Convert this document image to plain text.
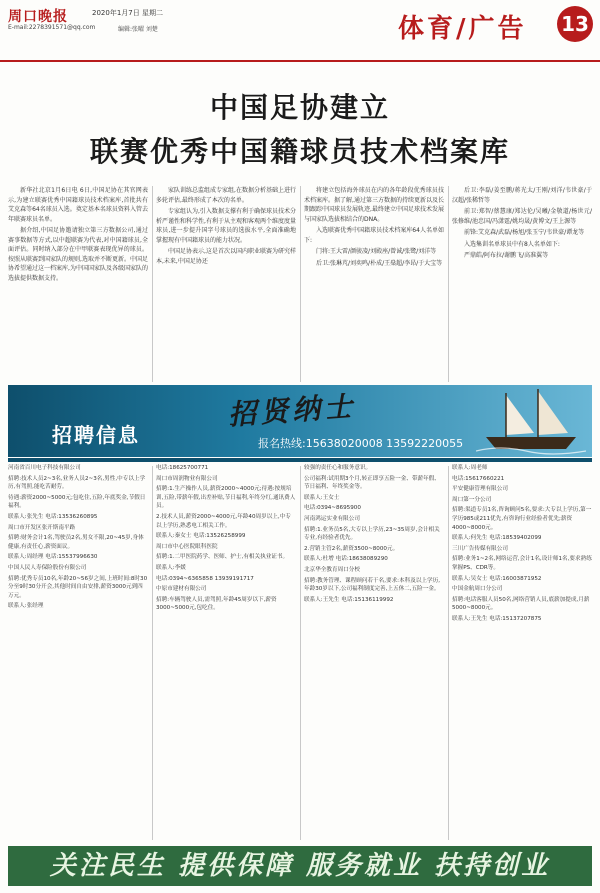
周口晚报	2020年1月7日 星期二
E-mail:2278391571@qq.com	编辑:张曜 刘楚	体育/广告 13
中国足协建立
联赛优秀中国籍球员技术档案库

新华社北京1月6日电 6日,中国足协在其官网表示,为建立联赛优秀中国籍球员技术档案库,首批共有艾克森等64名球员入选。奠定基本名球员资料入管去年联赛球员名单。

据介绍,中国足协邀请独立第三方数据公司,通过赛事数据等方式,以中超联赛为代表,对中国籍球员,全面评估。同时纳入部分在中甲联赛表现优异的球员。按照从联赛到国家队的规则,选取并不断更新。中国足协希望通过这一档案库,为中国国家队及各级国家队的选拔提供数据支持。

家队训练总监组成专家组,在数据分析基础上进行多轮评估,最终形成了本次的名单。

专家组认为,引入数据支撑有利于确保球员技术分析严谨性和科学性,有利于从主观和客观两个维度度量球员,进一步提升国字号球员的选拔水平,全面准确地掌握现有中国籍球员的能力状况。

中国足协表示,这是首次以国内职业联赛为研究样本,未来,中国足协还

将建立包括海外球员在内的各年龄段优秀球员技术档案库。据了解,通过第三方数据的持续更新以及长期跟踪中国球员发展轨迹,最终建立中国足球技术发展与国家队选拔相结合的DNA。

入选联赛优秀中国籍球员技术档案库64人名单如下:

门将:王大雷/颜骏凌/刘殿座/曾诚/张鹭/刘洋等

后卫:张琳芃/刘奕鸣/朴成/王燊超/李昂/于大宝等

后卫:李磊/姜至鹏/蒋光太/王刚/刘洋/韦世豪/于汉超/张稀哲等

前卫:郑智/蔡慧康/郑达伦/吴曦/金敬道/杨世元/张修维/池忠国/冯潇霆/姚均晟/黄博文/王上源等

前锋:艾克森/武磊/杨旭/张玉宁/韦世豪/谭龙等

入选集训名单球员中有8人名单如下:

严鼎皓/阿布拉/谢鹏飞/高准翼等

招贤纳士
招聘信息	报名热线:15638020008 13592220055

河南省百川电子科技有限公司

招聘:技术人员2~3名,业务人员2~3名,男性,中专以上学历,有驾照,能吃苦耐劳。

待遇:薪资2000~5000元;包吃住,五险,年底奖金,节假日福利。

联系人:张先生 电话:13536260895

周口市开发区张开斯南平路

招聘:财务会计1名,驾驶员2名,男女不限,20~45岁,身体健康,有责任心,薪资面议。

联系人:周经理 电话:15537996630

中国人民人寿保险股份有限公司

招聘:优秀专员10名,年龄20~56岁之间,上班时间:8时30分至9时30分开会,其他时间自由安排,薪资3000元到四万元。

联系人:张经理

电话:18625700771

周口市周润物业有限公司

招聘:1.生产操作人员,薪资2000~4000元;待遇:按规培训,五险,带薪年假,出差补贴,节日福利,年终分红,通讯费人员。

2.技术人员,薪资2000~4000元,年龄40周岁以上,中专以上学历,熟悉电工相关工作。

联系人:秦女士 电话:13526258999

周口市中心医院眼科医院

招聘:1.二甲医院药学、医师、护士,有相关执业证书。

联系人:李媛

电话:0394~6365858 13939191717

中原市建材有限公司

招聘:车辆驾驶人员,需驾照,年龄45周岁以下,薪资3000~5000元,包吃住。

较强的责任心和服务意识。

公司福利:试用期3个月,转正即享五险一金、带薪年假、节日福利、年终奖金等。

联系人:王女士

电话:0394~8695900

河南鸿运实业有限公司

招聘:1.业务员5名,大专以上学历,23~35周岁,会计相关专业,有经验者优先。

2.营销主管2名,薪资3500~8000元。

联系人:杜增 电话:18638089290

北京华全教育周口分校

招聘:教务管理、课程顾问若干名,要求:本科及以上学历,年龄30岁以下,公司福利制度完善,上五休二,五险一金。

联系人:王先生 电话:15136119992

联系人:周老师

电话:15617660221

平安健康管理有限公司

周口第一分公司

招聘:渠道专员1名,咨询顾问5名,要求:大专以上学历,第一学历985或211优先,有咨询行业经验者优先;薪资4000~8000元。

联系人:何先生 电话:18539402099

三川广告传媒有限公司

招聘:业务1~2名,网络运营,会计1名,设计师1名,要求熟练掌握PS、CDR等。

联系人:吴女士 电话:16003871952

中国金航周口分公司

招聘:电话客服人员50名,网络营销人员,底薪加提成,月薪5000~8000元。

联系人:王先生 电话:15137207875

关注民生 提供保障 服务就业 扶持创业
